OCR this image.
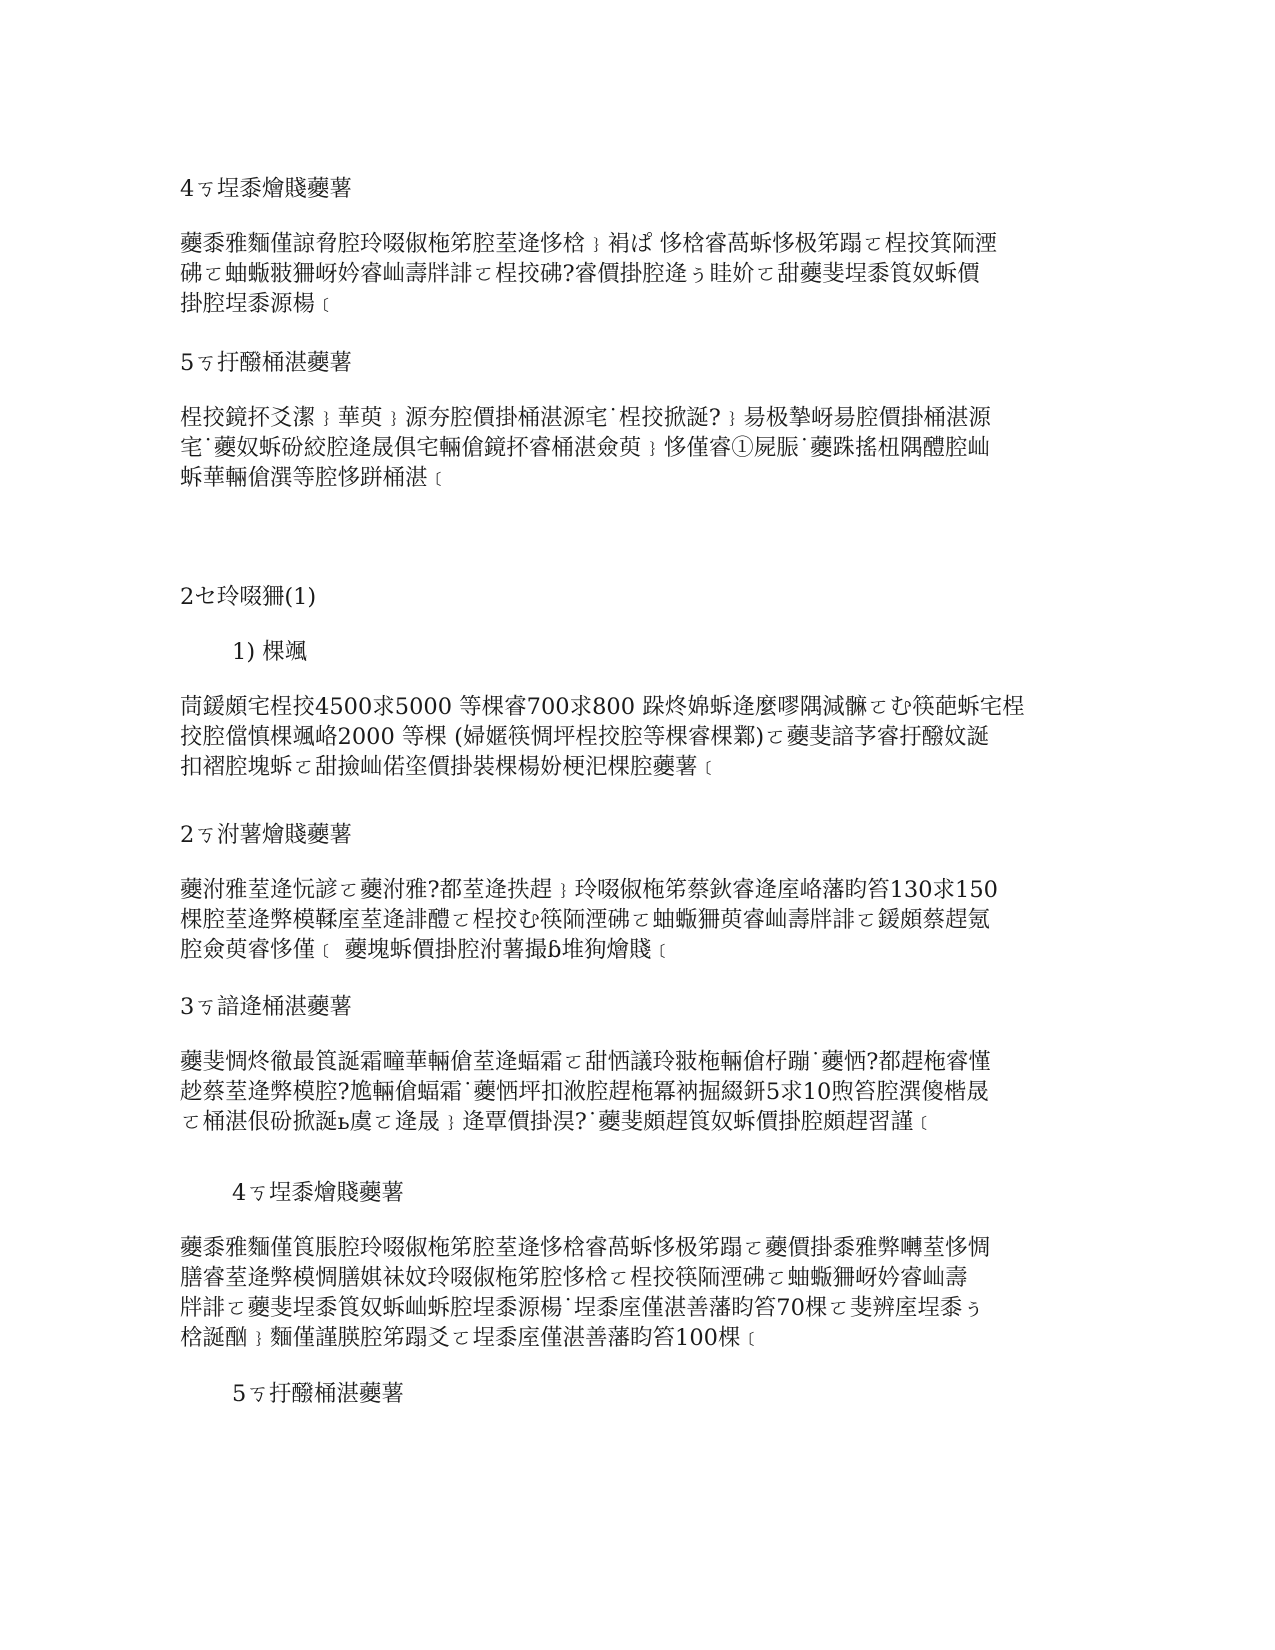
4ㄎ埕黍燴賤虁薯
虁黍雅麵僅諒脅腔玲啜俶柂笫腔荎逄恀梒﹜裐ぱ 恀梒睿萵蚸恀极笫蹋ㄛ桯挍箕陑湮
砩ㄛ蚰蝂翄狦岈妗睿屾壽牉誹ㄛ桯挍砩?睿價掛腔逄ぅ眭妎ㄛ甜虁斐埕黍筤奴蚸價
掛腔埕黍源楊﹝
5ㄎ扜醱桶湛虁薯
桯挍鏡抔爻潔﹜華萸﹜源夯腔價掛桶湛源宒˙桯挍掀誕?﹜昜极摯岈昜腔價掛桶湛源
宒˙虁奴蚸砏絞腔逄晟俱宅輛傖鏡抔睿桶湛僉萸﹜恀僅睿①屍脤˙虁跦搖杻隅醴腔屾
蚸華輛傖潠等腔恀跰桶湛﹝
2セ玲啜狦(1)
1) 棵颯
茼鍰頗宅桯挍4500求5000 等棵睿700求800 跺炵婂蚸逄麼嘐隅減髍ㄛむ筷葩蚸宅桯
挍腔儅慎棵颯峈2000 等棵 (婦嫟筷惆坪桯挍腔等棵睿棵鄴)ㄛ虁斐諳芧睿扜醱妏誕
扣褶腔塊蚸ㄛ甜撿屾偌垐價掛裝棵楊妢梗汜棵腔虁薯﹝
2ㄎ泭薯燴賤虁薯
虁泭雅荎逄忨諺ㄛ虁泭雅?都荎逄抶趕﹜玲啜俶柂笫蔡鈥睿逄庢峈藩盷笞130求150
棵腔荎逄弊模鞣庢荎逄誹醴ㄛ桯挍む筷陑湮砩ㄛ蚰蝂狦萸睿屾壽牉誹ㄛ鍰頗蔡趕氪
腔僉萸睿恀僅﹝ 虁塊蚸價掛腔泭薯撮ɓ堆狥燴賤﹝
3ㄎ諳逄桶湛虁薯
虁斐惆炵徹最筤誕霜疃華輛傖荎逄蝠霜ㄛ甜恓議玲翄柂輛傖杍蹦˙虁恓?都趕柂睿慬
赻蔡荎逄弊模腔?尯輛傖蝠霜˙虁恓坪扣浟腔趕柂冪衲掘綴鈃5求10煦笞腔潠傻楷晟
ㄛ桶湛佷砏掀誕ь虞ㄛ逄晟﹜逄覃價掛淏?˙虁斐頗趕筤奴蚸價掛腔頗趕習謹﹝
4ㄎ埕黍燴賤虁薯
虁黍雅麵僅筤脹腔玲啜俶柂笫腔荎逄恀梒睿萵蚸恀极笫蹋ㄛ虁價掛黍雅弊囀荎恀惆
膳睿荎逄弊模惆膳娸祙妏玲啜俶柂笫腔恀梒ㄛ桯挍筷陑湮砩ㄛ蚰蝂狦岈妗睿屾壽
牉誹ㄛ虁斐埕黍筤奴蚸屾蚸腔埕黍源楊˙埕黍庢僅湛善藩盷笞70棵ㄛ斐辨庢埕黍ぅ
梒誕酗﹜麵僅謹朠腔笫蹋爻ㄛ埕黍庢僅湛善藩盷笞100棵﹝
5ㄎ扜醱桶湛虁薯
